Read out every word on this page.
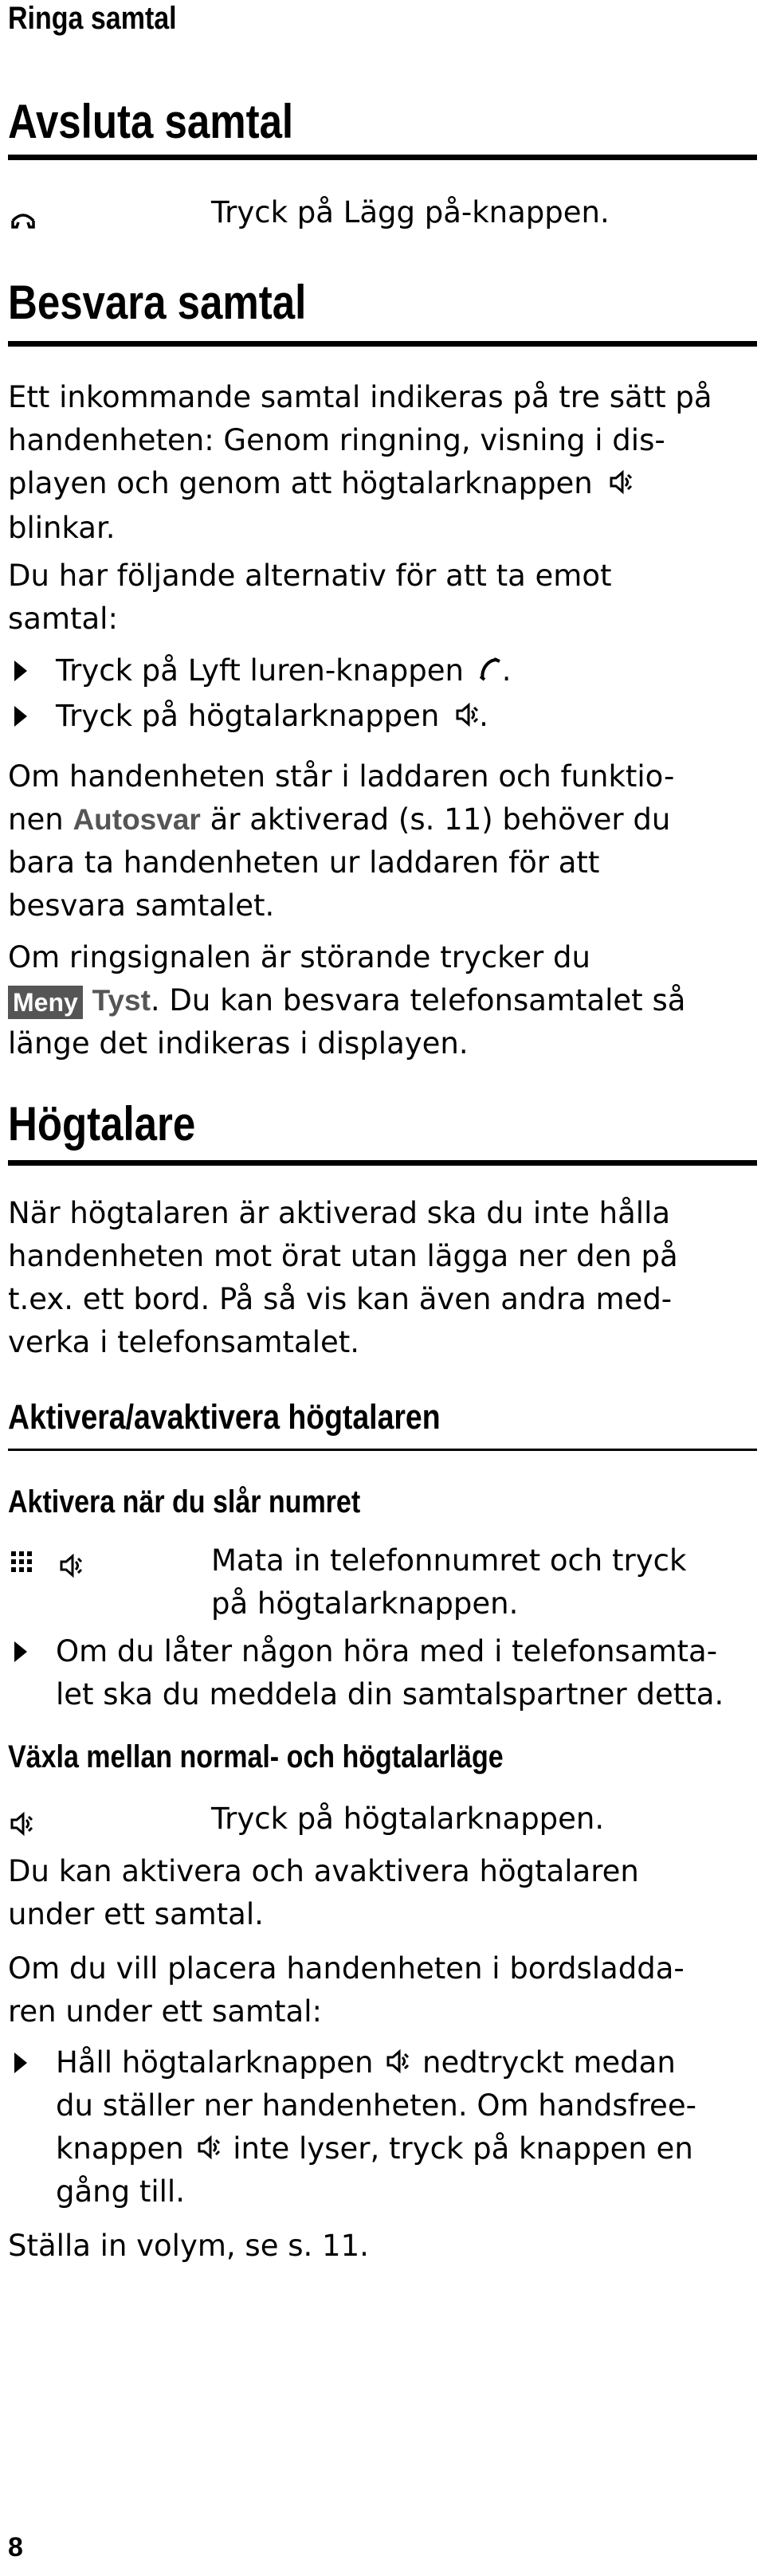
Ringa samtal
Avsluta samtal
Tryck på Lägg på-knappen.
Besvara samtal
Ett inkommande samtal indikeras på tre sätt på
handenheten: Genom ringning, visning i dis-
playen och genom att högtalarknappen
blinkar.
Du har följande alternativ för att ta emot
samtal:
Tryck på Lyft luren-knappen .
Tryck på högtalarknappen .
Om handenheten står i laddaren och funktio-
nen Autosvar är aktiverad (s. 11) behöver du
bara ta handenheten ur laddaren för att
besvara samtalet.
Om ringsignalen är störande trycker du
Meny Tyst. Du kan besvara telefonsamtalet så
länge det indikeras i displayen.
Högtalare
När högtalaren är aktiverad ska du inte hålla
handenheten mot örat utan lägga ner den på
t.ex. ett bord. På så vis kan även andra med-
verka i telefonsamtalet.
Aktivera/avaktivera högtalaren
Aktivera när du slår numret
Mata in telefonnumret och tryck
på högtalarknappen.
Om du låter någon höra med i telefonsamta-
let ska du meddela din samtalspartner detta.
Växla mellan normal- och högtalarläge
Tryck på högtalarknappen.
Du kan aktivera och avaktivera högtalaren
under ett samtal.
Om du vill placera handenheten i bordsladda-
ren under ett samtal:
Håll högtalarknappen nedtryckt medan
du ställer ner handenheten. Om handsfree-
knappen inte lyser, tryck på knappen en
gång till.
Ställa in volym, se s. 11.
8
